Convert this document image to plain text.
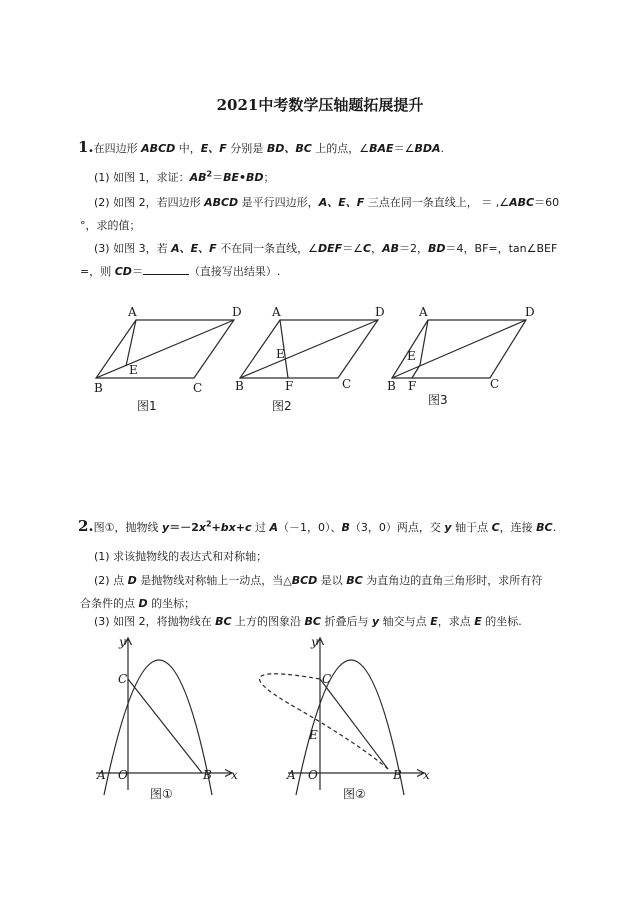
2021中考数学压轴题拓展提升
1.在四边形 ABCD 中，E、F 分别是 BD、BC 上的点，∠BAE＝∠BDA.
(1) 如图 1，求证：$AB^2=BE•BD$；
(2) 如图 2，若四边形 ABCD 是平行四边形，A、E、F 三点在同一条直线上， ＝ ,∠ABC＝60
°，求的值；
(3) 如图 3，若 A、E、F 不在同一条直线，∠DEF＝∠C，AB＝2，BD＝4，BF=，tan∠BEF
=，则 CD＝	（直接写出结果）.
A	D
B	C
E
图1
A	D
E
B	F	C
图2
A	D
E
B F	C
图3
2.图①，抛物线 $y=-2x^2+bx+c$ 过 A（－1，0）、B（3，0）两点，交 y 轴于点 C，连接 BC.
(1) 求该抛物线的表达式和对称轴；
(2) 点 D 是抛物线对称轴上一动点，当△BCD 是以 BC 为直角边的直角三角形时，求所有符
合条件的点 D 的坐标；
(3) 如图 2，将抛物线在 BC 上方的图象沿 BC 折叠后与 y 轴交与点 E，求点 E 的坐标.
y
C
A O	B x
图①
y
C
E
A O	B x
图②
